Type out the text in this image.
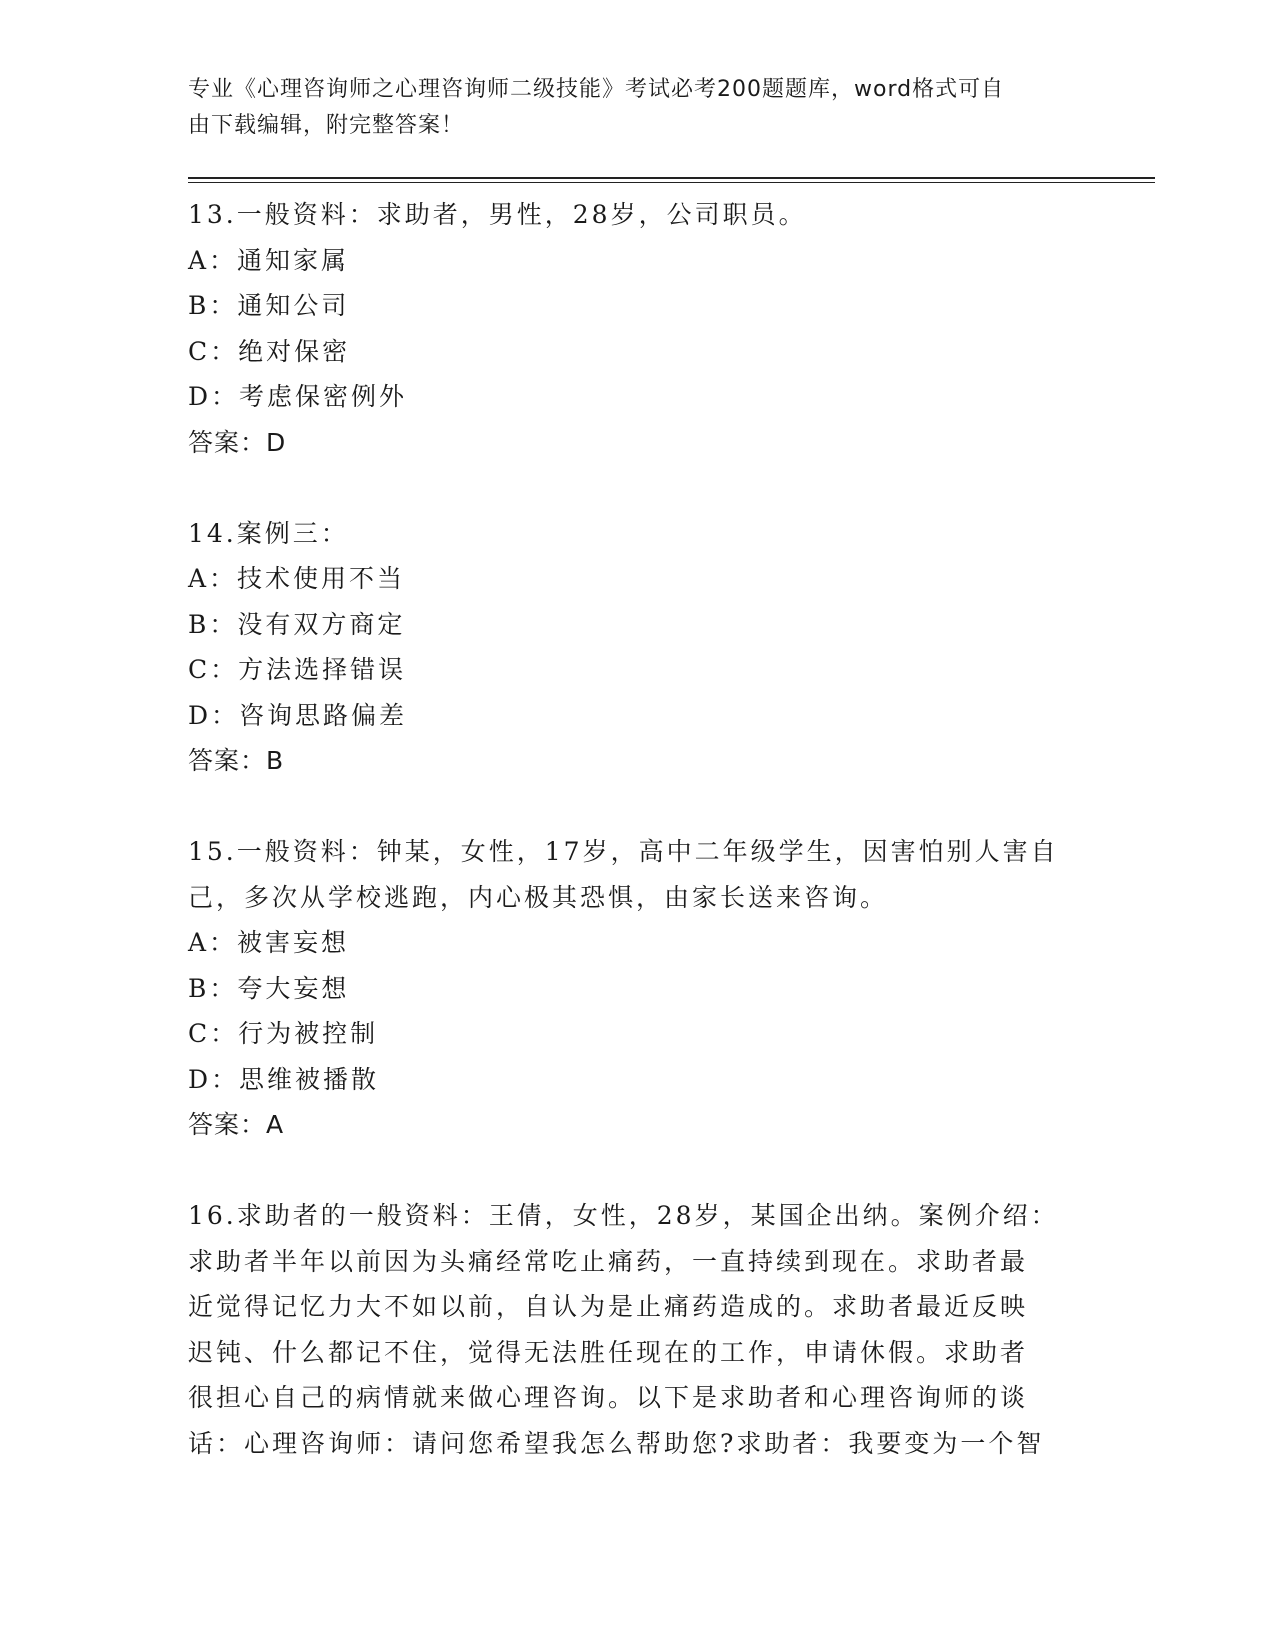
专业《心理咨询师之心理咨询师二级技能》考试必考200题题库，word格式可自
由下载编辑，附完整答案！
13.一般资料：求助者，男性，28岁，公司职员。
A：通知家属
B：通知公司
C：绝对保密
D：考虑保密例外
答案：D
14.案例三：
A：技术使用不当
B：没有双方商定
C：方法选择错误
D：咨询思路偏差
答案：B
15.一般资料：钟某，女性，17岁，高中二年级学生，因害怕别人害自
己，多次从学校逃跑，内心极其恐惧，由家长送来咨询。
A：被害妄想
B：夸大妄想
C：行为被控制
D：思维被播散
答案：A
16.求助者的一般资料：王倩，女性，28岁，某国企出纳。案例介绍：
求助者半年以前因为头痛经常吃止痛药，一直持续到现在。求助者最
近觉得记忆力大不如以前，自认为是止痛药造成的。求助者最近反映
迟钝、什么都记不住，觉得无法胜任现在的工作，申请休假。求助者
很担心自己的病情就来做心理咨询。以下是求助者和心理咨询师的谈
话：心理咨询师：请问您希望我怎么帮助您?求助者：我要变为一个智
